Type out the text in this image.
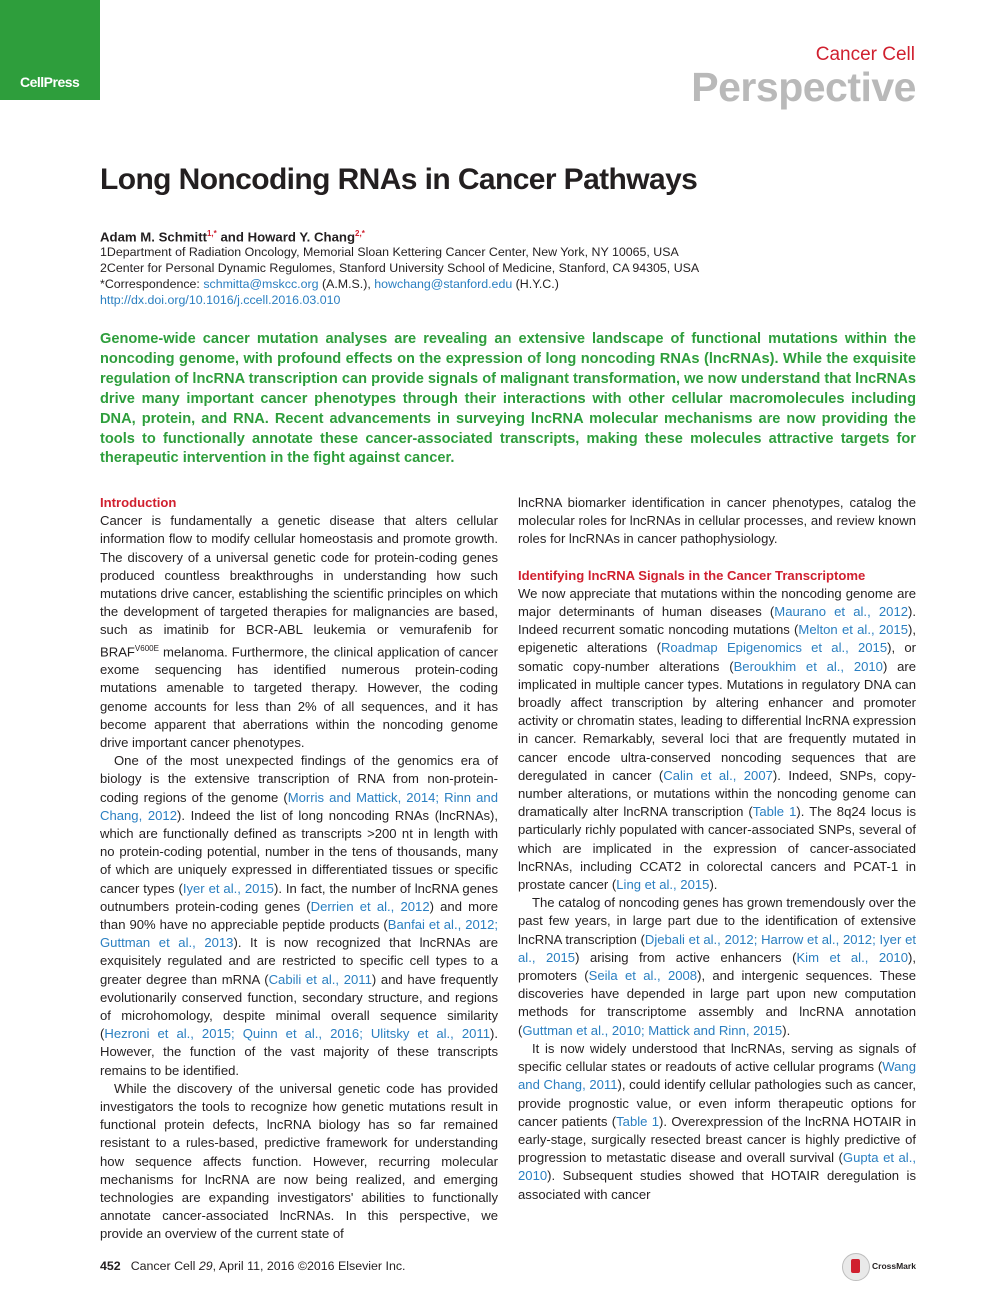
CellPress
Cancer Cell
Perspective
Long Noncoding RNAs in Cancer Pathways
Adam M. Schmitt$^{1,*}$ and Howard Y. Chang$^{2,*}$
1Department of Radiation Oncology, Memorial Sloan Kettering Cancer Center, New York, NY 10065, USA
2Center for Personal Dynamic Regulomes, Stanford University School of Medicine, Stanford, CA 94305, USA
*Correspondence: schmitta@mskcc.org (A.M.S.), howchang@stanford.edu (H.Y.C.)
http://dx.doi.org/10.1016/j.ccell.2016.03.010

Genome-wide cancer mutation analyses are revealing an extensive landscape of functional mutations within the noncoding genome, with profound effects on the expression of long noncoding RNAs (lncRNAs). While the exquisite regulation of lncRNA transcription can provide signals of malignant transformation, we now understand that lncRNAs drive many important cancer phenotypes through their interactions with other cellular macromolecules including DNA, protein, and RNA. Recent advancements in surveying lncRNA molecular mechanisms are now providing the tools to functionally annotate these cancer-associated transcripts, making these molecules attractive targets for therapeutic intervention in the fight against cancer.

Introduction

Cancer is fundamentally a genetic disease that alters cellular information flow to modify cellular homeostasis and promote growth. The discovery of a universal genetic code for protein-coding genes produced countless breakthroughs in understanding how such mutations drive cancer, establishing the scientific principles on which the development of targeted therapies for malignancies are based, such as imatinib for BCR-ABL leukemia or vemurafenib for $BRAF^{V600E}$ melanoma. Furthermore, the clinical application of cancer exome sequencing has identified numerous protein-coding mutations amenable to targeted therapy. However, the coding genome accounts for less than 2% of all sequences, and it has become apparent that aberrations within the noncoding genome drive important cancer phenotypes.

One of the most unexpected findings of the genomics era of biology is the extensive transcription of RNA from non-protein-coding regions of the genome (Morris and Mattick, 2014; Rinn and Chang, 2012). Indeed the list of long noncoding RNAs (lncRNAs), which are functionally defined as transcripts >200 nt in length with no protein-coding potential, number in the tens of thousands, many of which are uniquely expressed in differentiated tissues or specific cancer types (Iyer et al., 2015). In fact, the number of lncRNA genes outnumbers protein-coding genes (Derrien et al., 2012) and more than 90% have no appreciable peptide products (Banfai et al., 2012; Guttman et al., 2013). It is now recognized that lncRNAs are exquisitely regulated and are restricted to specific cell types to a greater degree than mRNA (Cabili et al., 2011) and have frequently evolutionarily conserved function, secondary structure, and regions of microhomology, despite minimal overall sequence similarity (Hezroni et al., 2015; Quinn et al., 2016; Ulitsky et al., 2011). However, the function of the vast majority of these transcripts remains to be identified.

While the discovery of the universal genetic code has provided investigators the tools to recognize how genetic mutations result in functional protein defects, lncRNA biology has so far remained resistant to a rules-based, predictive framework for understanding how sequence affects function. However, recurring molecular mechanisms for lncRNA are now being realized, and emerging technologies are expanding investigators' abilities to functionally annotate cancer-associated lncRNAs. In this perspective, we provide an overview of the current state of

lncRNA biomarker identification in cancer phenotypes, catalog the molecular roles for lncRNAs in cellular processes, and review known roles for lncRNAs in cancer pathophysiology.

Identifying lncRNA Signals in the Cancer Transcriptome

We now appreciate that mutations within the noncoding genome are major determinants of human diseases (Maurano et al., 2012). Indeed recurrent somatic noncoding mutations (Melton et al., 2015), epigenetic alterations (Roadmap Epigenomics et al., 2015), or somatic copy-number alterations (Beroukhim et al., 2010) are implicated in multiple cancer types. Mutations in regulatory DNA can broadly affect transcription by altering enhancer and promoter activity or chromatin states, leading to differential lncRNA expression in cancer. Remarkably, several loci that are frequently mutated in cancer encode ultra-conserved noncoding sequences that are deregulated in cancer (Calin et al., 2007). Indeed, SNPs, copy-number alterations, or mutations within the noncoding genome can dramatically alter lncRNA transcription (Table 1). The 8q24 locus is particularly richly populated with cancer-associated SNPs, several of which are implicated in the expression of cancer-associated lncRNAs, including CCAT2 in colorectal cancers and PCAT-1 in prostate cancer (Ling et al., 2015).

The catalog of noncoding genes has grown tremendously over the past few years, in large part due to the identification of extensive lncRNA transcription (Djebali et al., 2012; Harrow et al., 2012; Iyer et al., 2015) arising from active enhancers (Kim et al., 2010), promoters (Seila et al., 2008), and intergenic sequences. These discoveries have depended in large part upon new computation methods for transcriptome assembly and lncRNA annotation (Guttman et al., 2010; Mattick and Rinn, 2015).

It is now widely understood that lncRNAs, serving as signals of specific cellular states or readouts of active cellular programs (Wang and Chang, 2011), could identify cellular pathologies such as cancer, provide prognostic value, or even inform therapeutic options for cancer patients (Table 1). Overexpression of the lncRNA HOTAIR in early-stage, surgically resected breast cancer is highly predictive of progression to metastatic disease and overall survival (Gupta et al., 2010). Subsequent studies showed that HOTAIR deregulation is associated with cancer

452 Cancer Cell 29, April 11, 2016 ©2016 Elsevier Inc.	CrossMark
